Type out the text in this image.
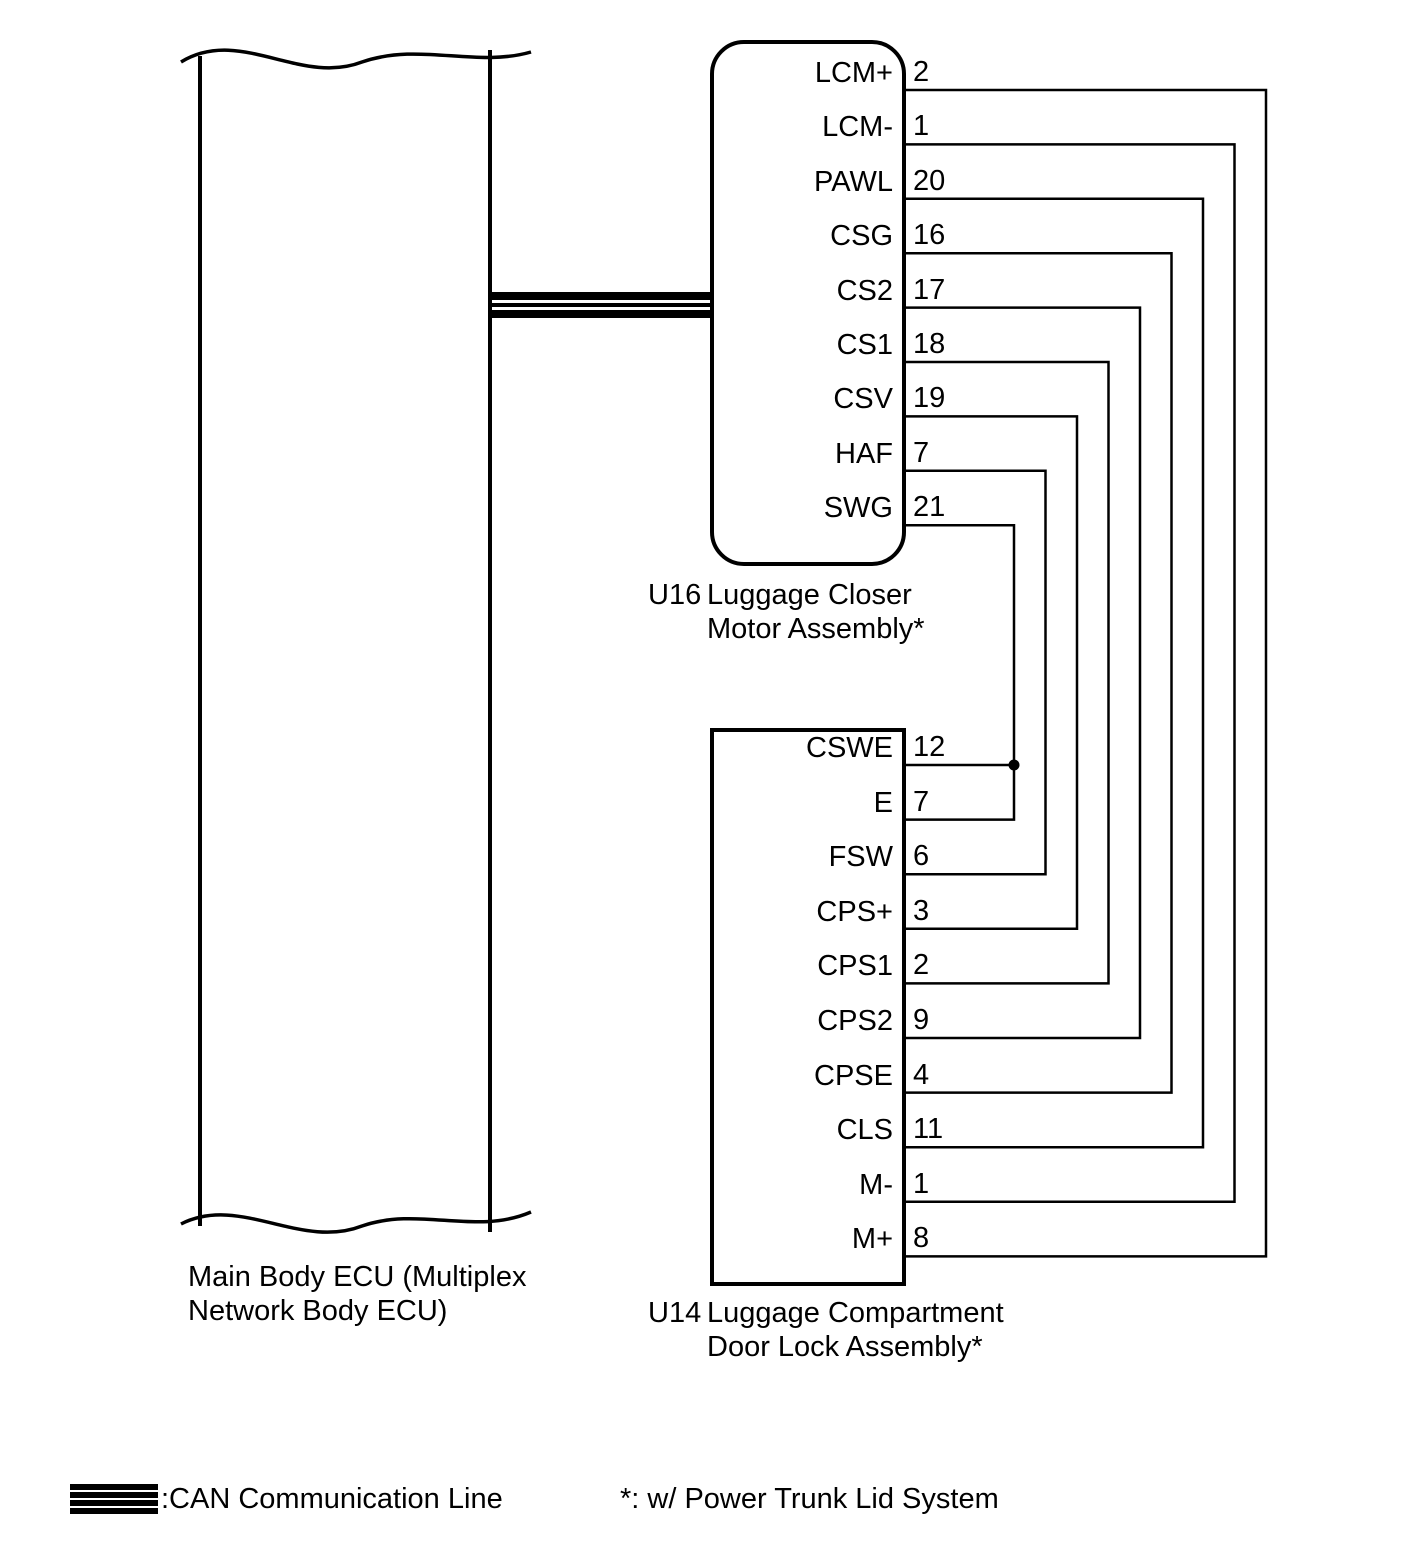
U16 Luggage Closer
Motor Assembly*
U14 Luggage Compartment
Door Lock Assembly*
Main Body ECU (Multiplex
Network Body ECU)
:CAN Communication Line	*: w/ Power Trunk Lid System
LCM+ 2
LCM- 1
PAWL 20
CSG 16
CS2 17
CS1 18
CSV 19
HAF 7
SWG 21
CSWE 12
E 7
FSW 6
CPS+ 3
CPS1 2
CPS2 9
CPSE 4
CLS 11
M- 1
M+ 8
